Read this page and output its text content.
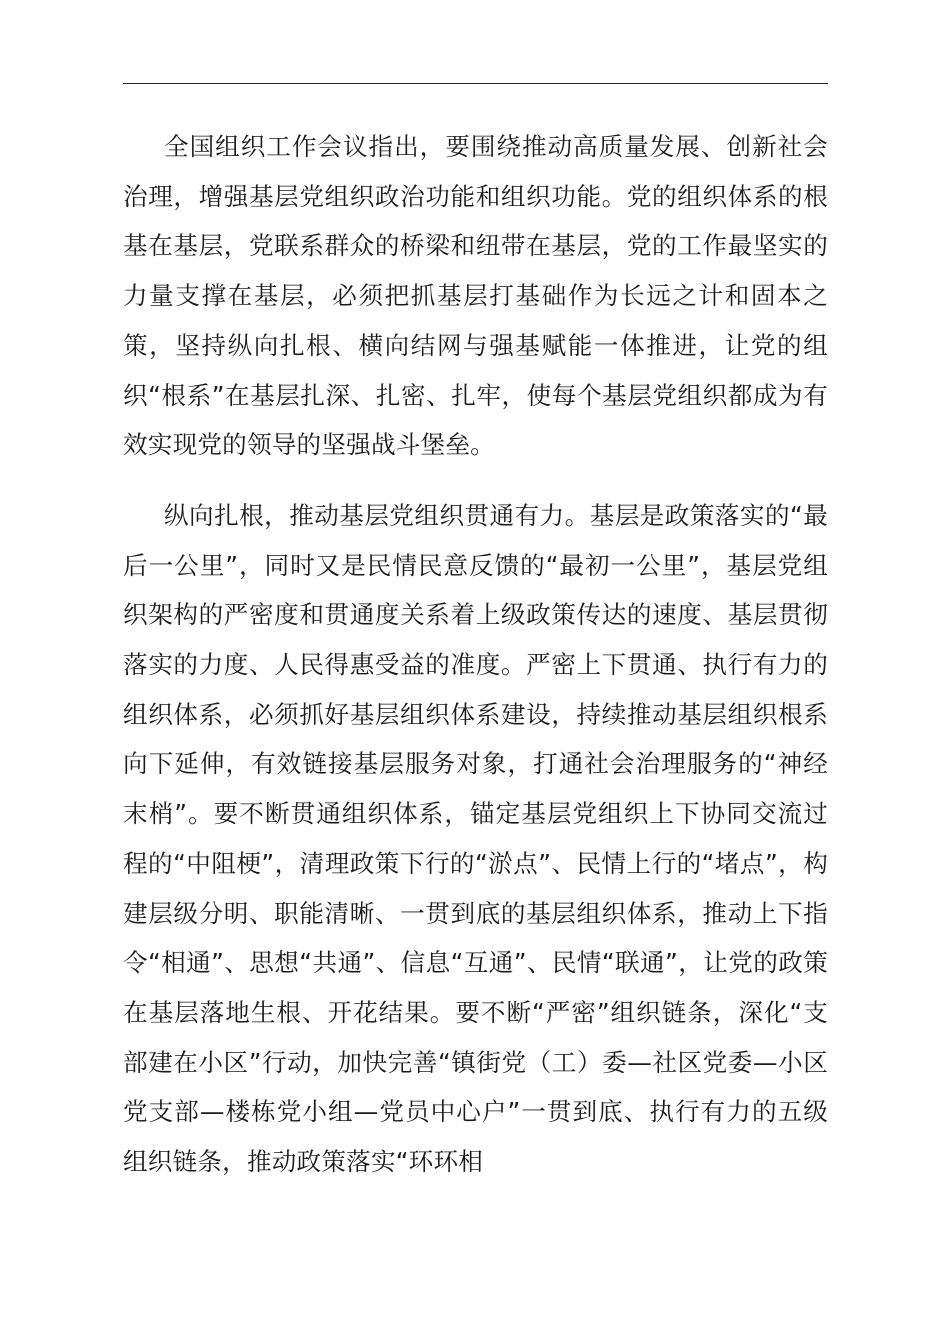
全国组织工作会议指出，要围绕推动高质量发展、创新社会治理，增强基层党组织政治功能和组织功能。党的组织体系的根基在基层，党联系群众的桥梁和纽带在基层，党的工作最坚实的力量支撑在基层，必须把抓基层打基础作为长远之计和固本之策，坚持纵向扎根、横向结网与强基赋能一体推进，让党的组织“根系”在基层扎深、扎密、扎牢，使每个基层党组织都成为有效实现党的领导的坚强战斗堡垒。

纵向扎根，推动基层党组织贯通有力。基层是政策落实的“最后一公里”，同时又是民情民意反馈的“最初一公里”，基层党组织架构的严密度和贯通度关系着上级政策传达的速度、基层贯彻落实的力度、人民得惠受益的准度。严密上下贯通、执行有力的组织体系，必须抓好基层组织体系建设，持续推动基层组织根系向下延伸，有效链接基层服务对象，打通社会治理服务的“神经末梢”。要不断贯通组织体系，锚定基层党组织上下协同交流过程的“中阻梗”，清理政策下行的“淤点”、民情上行的“堵点”，构建层级分明、职能清晰、一贯到底的基层组织体系，推动上下指令“相通”、思想“共通”、信息“互通”、民情“联通”，让党的政策在基层落地生根、开花结果。要不断“严密”组织链条，深化“支部建在小区”行动，加快完善“镇街党（工）委—社区党委—小区党支部—楼栋党小组—党员中心户”一贯到底、执行有力的五级组织链条，推动政策落实“环环相
